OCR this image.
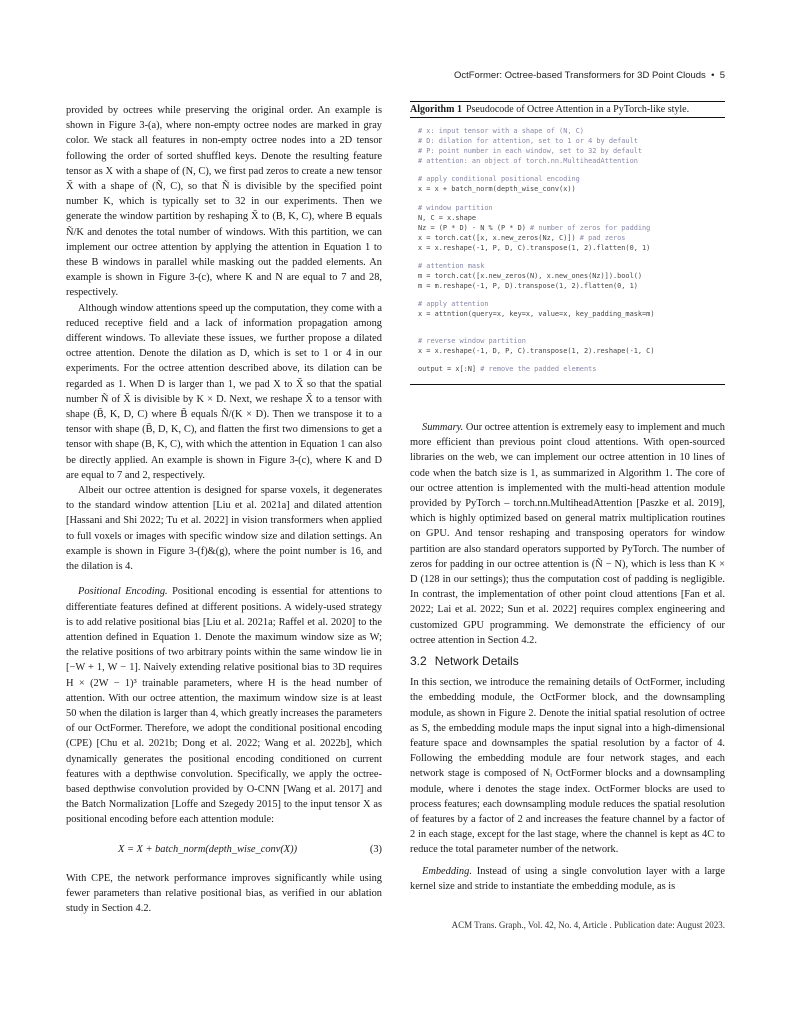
OctFormer: Octree-based Transformers for 3D Point Clouds • 5

provided by octrees while preserving the original order. An example is shown in Figure 3-(a), where non-empty octree nodes are marked in gray color. We stack all features in non-empty octree nodes into a 2D tensor following the order of sorted shuffled keys. Denote the resulting feature tensor as X with a shape of (N, C), we first pad zeros to create a new tensor X̃ with a shape of (Ñ, C), so that Ñ is divisible by the specified point number K, which is typically set to 32 in our experiments. Then we generate the window partition by reshaping X̃ to (B, K, C), where B equals Ñ/K and denotes the total number of windows. With this partition, we can implement our octree attention by applying the attention in Equation 1 to these B windows in parallel while masking out the padded elements. An example is shown in Figure 3-(c), where K and N are equal to 7 and 28, respectively.

Although window attentions speed up the computation, they come with a reduced receptive field and a lack of information propagation among different windows. To alleviate these issues, we further propose a dilated octree attention. Denote the dilation as D, which is set to 1 or 4 in our experiments. For the octree attention described above, its dilation can be regarded as 1. When D is larger than 1, we pad X to X̃ so that the spatial number Ñ of X̃ is divisible by K × D. Next, we reshape X̃ to a tensor with shape (B̃, K, D, C) where B̃ equals Ñ/(K × D). Then we transpose it to a tensor with shape (B̃, D, K, C), and flatten the first two dimensions to get a tensor with shape (B, K, C), with which the attention in Equation 1 can also be directly applied. An example is shown in Figure 3-(c), where K and D are equal to 7 and 2, respectively.

Albeit our octree attention is designed for sparse voxels, it degenerates to the standard window attention [Liu et al. 2021a] and dilated attention [Hassani and Shi 2022; Tu et al. 2022] in vision transformers when applied to full voxels or images with specific window size and dilation settings. An example is shown in Figure 3-(f)&(g), where the point number is 16, and the dilation is 4.

Positional Encoding. Positional encoding is essential for attentions to differentiate features defined at different positions. A widely-used strategy is to add relative positional bias [Liu et al. 2021a; Raffel et al. 2020] to the attention defined in Equation 1. Denote the maximum window size as W; the relative positions of two arbitrary points within the same window lie in [−W + 1, W − 1]. Naively extending relative positional bias to 3D requires H × (2W − 1)³ trainable parameters, where H is the head number of attention. With our octree attention, the maximum window size is at least 50 when the dilation is larger than 4, which greatly increases the parameters of our OctFormer. Therefore, we adopt the conditional positional encoding (CPE) [Chu et al. 2021b; Dong et al. 2022; Wang et al. 2022b], which dynamically generates the positional encoding conditioned on current features with a depthwise convolution. Specifically, we apply the octree-based depthwise convolution provided by O-CNN [Wang et al. 2017] and the Batch Normalization [Loffe and Szegedy 2015] to the input tensor X as positional encoding before each attention module:

X = X + batch_norm(depth_wise_conv(X))	(3)

With CPE, the network performance improves significantly while using fewer parameters than relative positional bias, as verified in our ablation study in Section 4.2.

Algorithm 1 Pseudocode of Octree Attention in a PyTorch-like style.
# x: input tensor with a shape of (N, C)
# D: dilation for attention, set to 1 or 4 by default
# P: point number in each window, set to 32 by default
# attention: an object of torch.nn.MultiheadAttention
# apply conditional positional encoding
x = x + batch_norm(depth_wise_conv(x))
# window partition
N, C = x.shape
Nz = (P * D) - N % (P * D) # number of zeros for padding
x = torch.cat([x, x.new_zeros(Nz, C)]) # pad zeros
x = x.reshape(-1, P, D, C).transpose(1, 2).flatten(0, 1)
# attention mask
m = torch.cat([x.new_zeros(N), x.new_ones(Nz)]).bool()
m = m.reshape(-1, P, D).transpose(1, 2).flatten(0, 1)
# apply attention
x = attntion(query=x, key=x, value=x, key_padding_mask=m)
# reverse window partition
x = x.reshape(-1, D, P, C).transpose(1, 2).reshape(-1, C)
output = x[:N] # remove the padded elements

Summary. Our octree attention is extremely easy to implement and much more efficient than previous point cloud attentions. With open-sourced libraries on the web, we can implement our octree attention in 10 lines of code when the batch size is 1, as summarized in Algorithm 1. The core of our octree attention is implemented with the multi-head attention module provided by PyTorch – torch.nn.MultiheadAttention [Paszke et al. 2019], which is highly optimized based on general matrix multiplication routines on GPU. And tensor reshaping and transposing operators for window partition are also standard operators supported by PyTorch. The number of zeros for padding in our octree attention is (Ñ − N), which is less than K × D (128 in our settings); thus the computation cost of padding is negligible. In contrast, the implementation of other point cloud attentions [Fan et al. 2022; Lai et al. 2022; Sun et al. 2022] requires complex engineering and customized GPU programming. We demonstrate the efficiency of our octree attention in Section 4.2.

3.2 Network Details

In this section, we introduce the remaining details of OctFormer, including the embedding module, the OctFormer block, and the downsampling module, as shown in Figure 2. Denote the initial spatial resolution of octree as S, the embedding module maps the input signal into a high-dimensional feature space and downsamples the spatial resolution by a factor of 4. Following the embedding module are four network stages, and each network stage is composed of Nᵢ OctFormer blocks and a downsampling module, where i denotes the stage index. OctFormer blocks are used to process features; each downsampling module reduces the spatial resolution of features by a factor of 2 and increases the feature channel by a factor of 2 in each stage, except for the last stage, where the channel is kept as 4C to reduce the total parameter number of the network.

Embedding. Instead of using a single convolution layer with a large kernel size and stride to instantiate the embedding module, as is

ACM Trans. Graph., Vol. 42, No. 4, Article . Publication date: August 2023.
